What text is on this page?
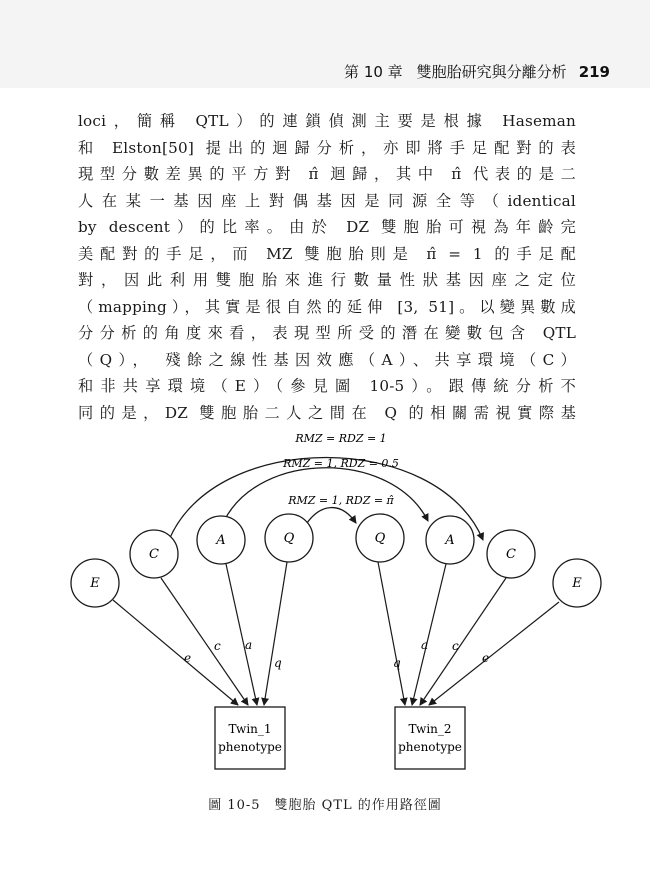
第 10 章 雙胞胎研究與分離分析 219
loci，簡稱 QTL）的連鎖偵測主要是根據 Haseman
和 Elston[50] 提出的迴歸分析，亦即將手足配對的表
現型分數差異的平方對 π̂ 迴歸，其中 π̂ 代表的是二
人在某一基因座上對偶基因是同源全等（identical
by descent）的比率。由於 DZ 雙胞胎可視為年齡完
美配對的手足，而 MZ 雙胞胎則是 π̂ = 1 的手足配
對，因此利用雙胞胎來進行數量性狀基因座之定位
（mapping），其實是很自然的延伸 [3, 51]。以變異數成
分分析的角度來看，表現型所受的潛在變數包含 QTL
（Q）， 殘餘之線性基因效應（A）、共享環境（C）
和非共享環境（E）（參見圖 10-5）。跟傳統分析不
同的是，DZ 雙胞胎二人之間在 Q 的相關需視實際基
RMZ = RDZ = 1
RMZ = 1, RDZ = 0.5
RMZ = 1, RDZ = π̂
e
c a
q	q
a c
e
E
C
A	Q	Q	A
C
E
Twin_1
phenotype
Twin_2
phenotype
圖 10-5　雙胞胎 QTL 的作用路徑圖
